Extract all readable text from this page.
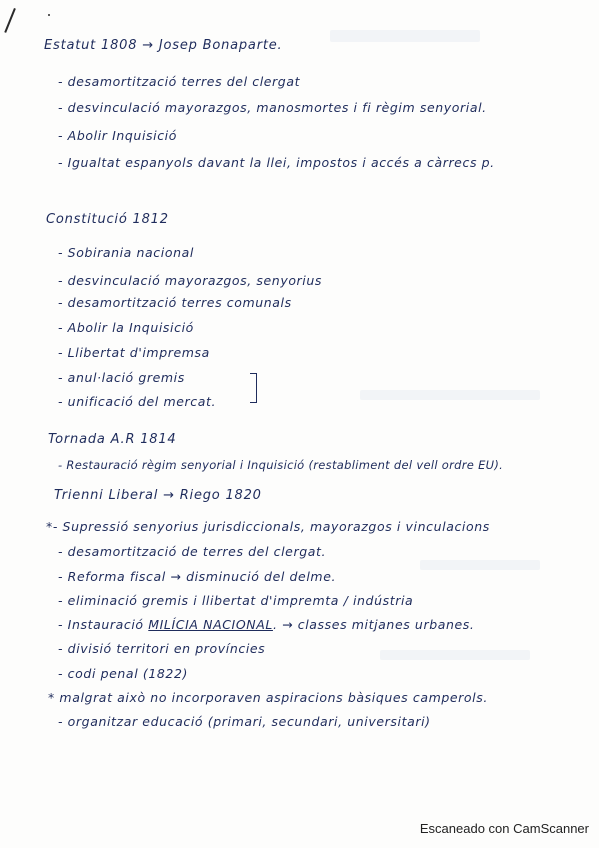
Estatut 1808 → Josep Bonaparte.
- desamortització terres del clergat
- desvinculació mayorazgos, manosmortes i fi règim senyorial.
- Abolir Inquisició
- Igualtat espanyols davant la llei, impostos i accés a càrrecs p.
Constitució 1812
- Sobirania nacional
- desvinculació mayorazgos, senyorius
- desamortització terres comunals
- Abolir la Inquisició
- Llibertat d'impremsa
- anul·lació gremis
- unificació del mercat.
Tornada A.R 1814
- Restauració règim senyorial i Inquisició (restabliment del vell ordre EU).
Trienni Liberal → Riego 1820
*- Supressió senyorius jurisdiccionals, mayorazgos i vinculacions
- desamortització de terres del clergat.
- Reforma fiscal → disminució del delme.
- eliminació gremis i llibertat d'impremta / indústria
- Instauració MILÍCIA NACIONAL. → classes mitjanes urbanes.
- divisió territori en províncies
- codi penal (1822)
* malgrat això no incorporaven aspiracions bàsiques camperols.
- organitzar educació (primari, secundari, universitari)
Escaneado con CamScanner
